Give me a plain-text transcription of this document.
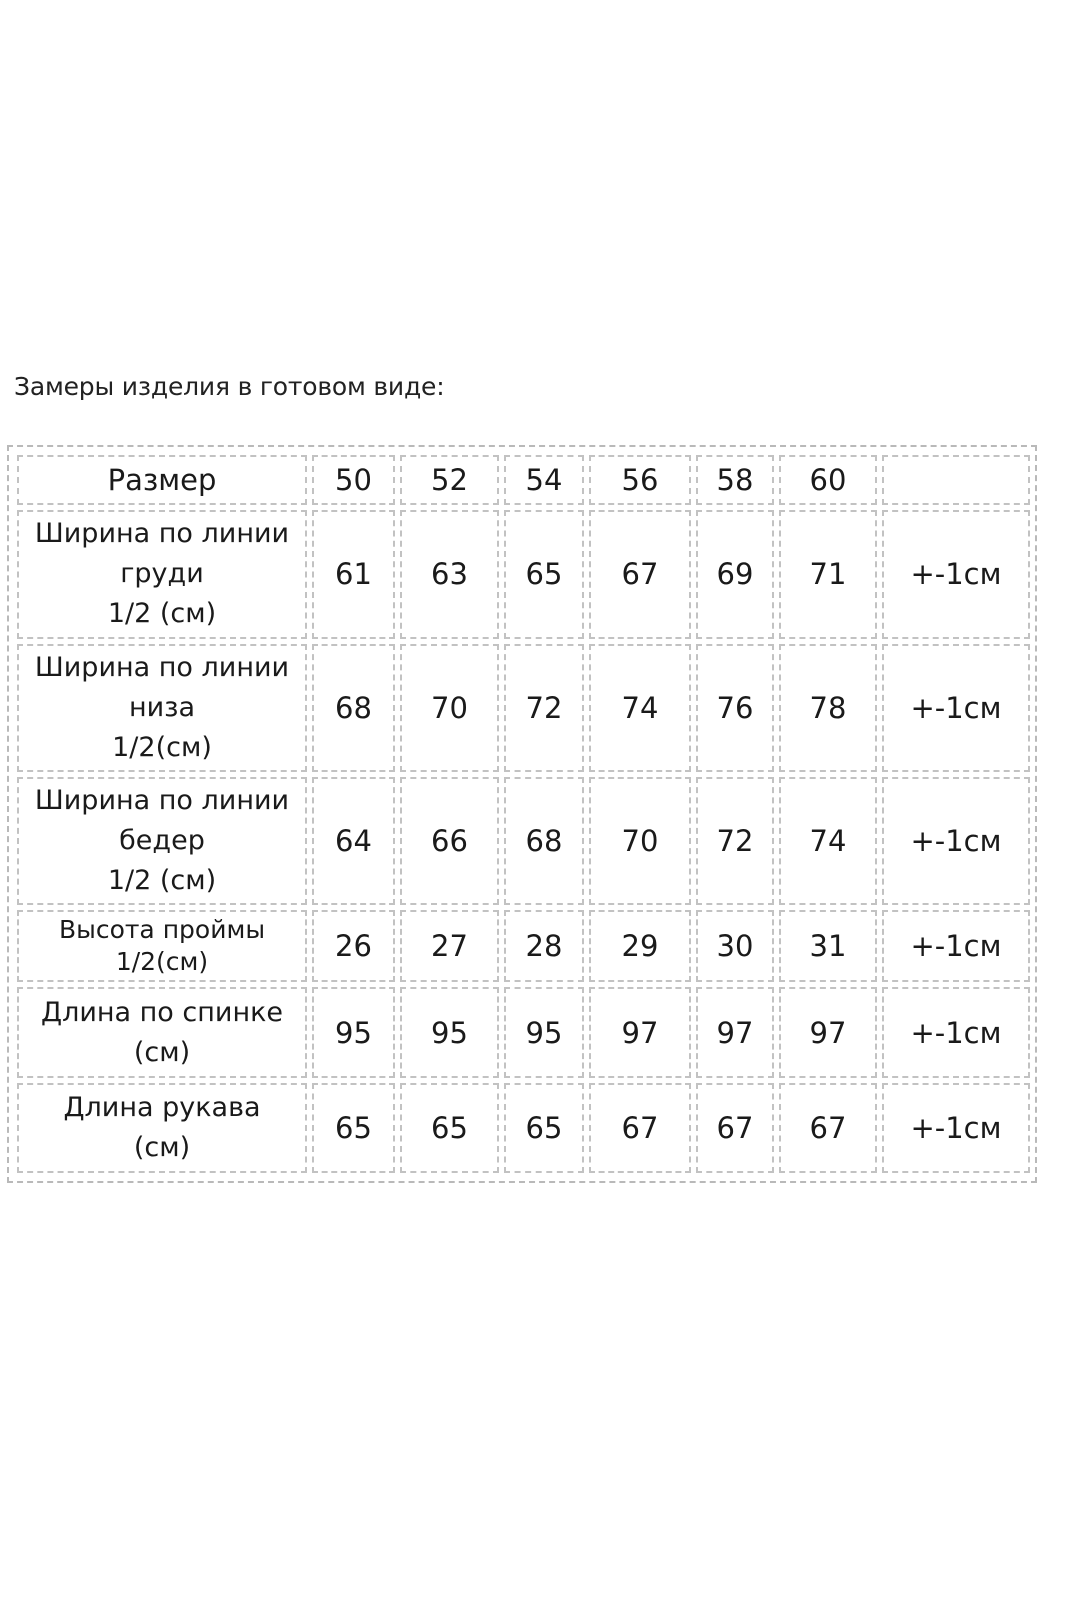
Замеры изделия в готовом виде:
Размер	50	52	54	56	58	60	

Ширина по линии
груди
1/2 (см)	61	63	65	67	69	71	+-1см

Ширина по линии
низа
1/2(см)	68	70	72	74	76	78	+-1см

Ширина по линии
бедер
1/2 (см)	64	66	68	70	72	74	+-1см

Высота проймы
1/2(см)	26	27	28	29	30	31	+-1см

Длина по спинке
(см)	95	95	95	97	97	97	+-1см

Длина рукава
(см)	65	65	65	67	67	67	+-1см
